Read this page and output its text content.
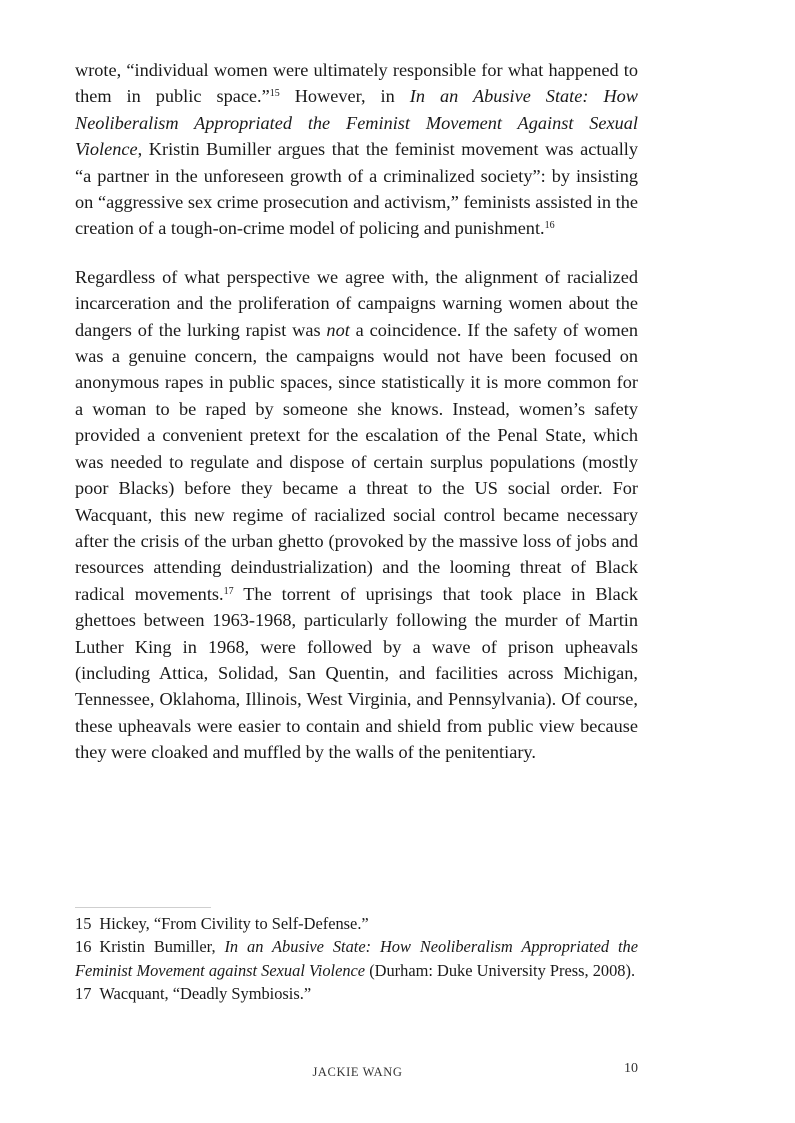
wrote, “individual women were ultimately responsible for what happened to them in public space.”$^{15}$ However, in In an Abusive State: How Neoliberalism Appropriated the Feminist Movement Against Sexual Violence, Kristin Bumiller argues that the feminist movement was actually “a partner in the unforeseen growth of a criminalized society”: by insisting on “aggressive sex crime prosecution and activism,” feminists assisted in the creation of a tough-on-crime model of policing and punishment.$^{16}$

Regardless of what perspective we agree with, the alignment of racialized incarceration and the proliferation of campaigns warning women about the dangers of the lurking rapist was not a coincidence. If the safety of women was a genuine concern, the campaigns would not have been focused on anonymous rapes in public spaces, since statistically it is more common for a woman to be raped by someone she knows. Instead, women’s safety provided a convenient pretext for the escalation of the Penal State, which was needed to regulate and dispose of certain surplus populations (mostly poor Blacks) before they became a threat to the US social order. For Wacquant, this new regime of racialized social control became necessary after the crisis of the urban ghetto (provoked by the massive loss of jobs and resources attending deindustrialization) and the looming threat of Black radical movements.$^{17}$ The torrent of uprisings that took place in Black ghettoes between 1963-1968, particularly following the murder of Martin Luther King in 1968, were followed by a wave of prison upheavals (including Attica, Solidad, San Quentin, and facilities across Michigan, Tennessee, Oklahoma, Illinois, West Virginia, and Pennsylvania). Of course, these upheavals were easier to contain and shield from public view because they were cloaked and muffled by the walls of the penitentiary.

15 Hickey, “From Civility to Self-Defense.”

16 Kristin Bumiller, In an Abusive State: How Neoliberalism Appropriated the Feminist Movement against Sexual Violence (Durham: Duke University Press, 2008).

17 Wacquant, “Deadly Symbiosis.”

JACKIE WANG	10
